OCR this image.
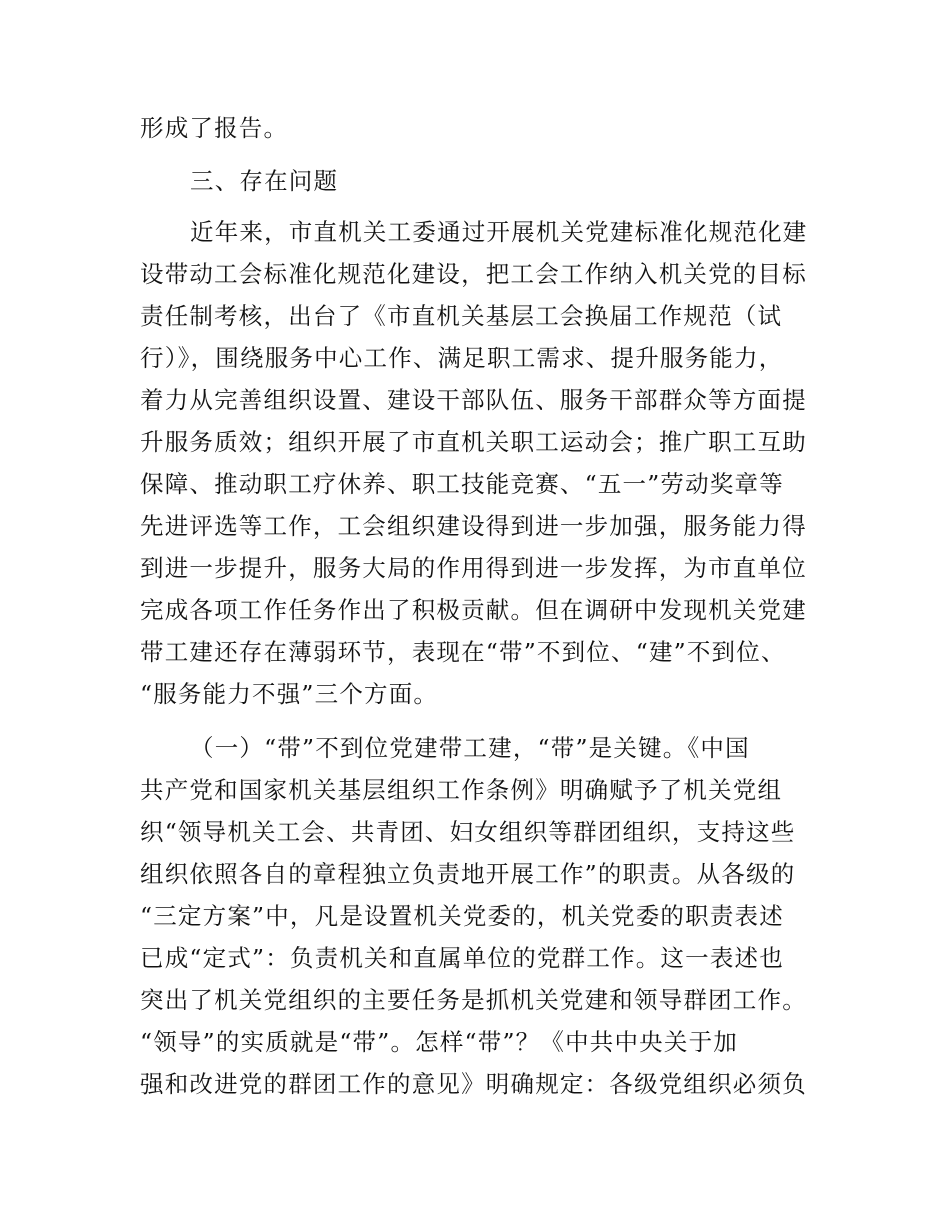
形成了报告。
三、存在问题
近年来，市直机关工委通过开展机关党建标准化规范化建
设带动工会标准化规范化建设，把工会工作纳入机关党的目标
责任制考核，出台了《市直机关基层工会换届工作规范（试
行）》，围绕服务中心工作、满足职工需求、提升服务能力，
着力从完善组织设置、建设干部队伍、服务干部群众等方面提
升服务质效；组织开展了市直机关职工运动会；推广职工互助
保障、推动职工疗休养、职工技能竞赛、“五一”劳动奖章等
先进评选等工作，工会组织建设得到进一步加强，服务能力得
到进一步提升，服务大局的作用得到进一步发挥，为市直单位
完成各项工作任务作出了积极贡献。但在调研中发现机关党建
带工建还存在薄弱环节，表现在“带”不到位、“建”不到位、
“服务能力不强”三个方面。
（一）“带”不到位党建带工建，“带”是关键。《中国
共产党和国家机关基层组织工作条例》明确赋予了机关党组
织“领导机关工会、共青团、妇女组织等群团组织，支持这些
组织依照各自的章程独立负责地开展工作”的职责。从各级的
“三定方案”中，凡是设置机关党委的，机关党委的职责表述
已成“定式”：负责机关和直属单位的党群工作。这一表述也
突出了机关党组织的主要任务是抓机关党建和领导群团工作。
“领导”的实质就是“带”。怎样“带”？《中共中央关于加
强和改进党的群团工作的意见》明确规定：各级党组织必须负
